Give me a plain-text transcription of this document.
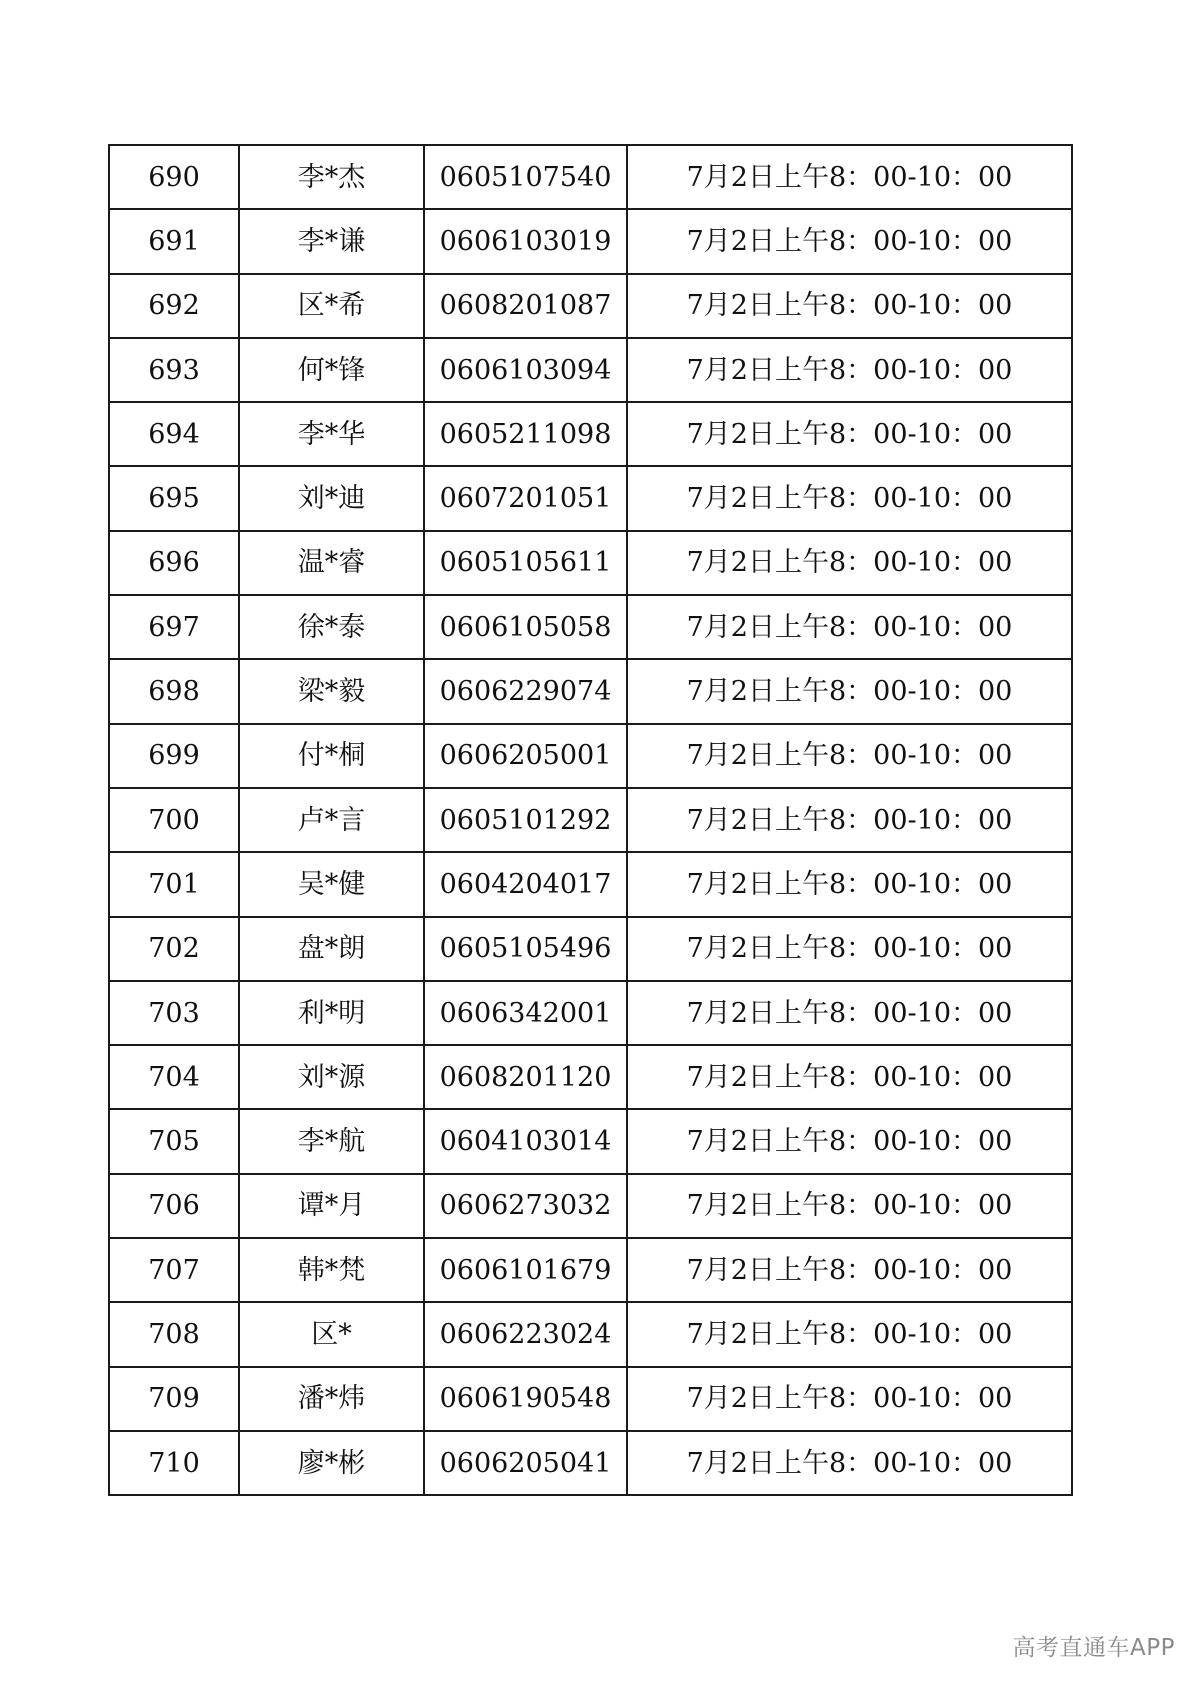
690	李*杰	0605107540	7月2日上午8：00-10：00
691	李*谦	0606103019	7月2日上午8：00-10：00
692	区*希	0608201087	7月2日上午8：00-10：00
693	何*锋	0606103094	7月2日上午8：00-10：00
694	李*华	0605211098	7月2日上午8：00-10：00
695	刘*迪	0607201051	7月2日上午8：00-10：00
696	温*睿	0605105611	7月2日上午8：00-10：00
697	徐*泰	0606105058	7月2日上午8：00-10：00
698	梁*毅	0606229074	7月2日上午8：00-10：00
699	付*桐	0606205001	7月2日上午8：00-10：00
700	卢*言	0605101292	7月2日上午8：00-10：00
701	吴*健	0604204017	7月2日上午8：00-10：00
702	盘*朗	0605105496	7月2日上午8：00-10：00
703	利*明	0606342001	7月2日上午8：00-10：00
704	刘*源	0608201120	7月2日上午8：00-10：00
705	李*航	0604103014	7月2日上午8：00-10：00
706	谭*月	0606273032	7月2日上午8：00-10：00
707	韩*梵	0606101679	7月2日上午8：00-10：00
708	区*	0606223024	7月2日上午8：00-10：00
709	潘*炜	0606190548	7月2日上午8：00-10：00
710	廖*彬	0606205041	7月2日上午8：00-10：00
高考直通车APP
